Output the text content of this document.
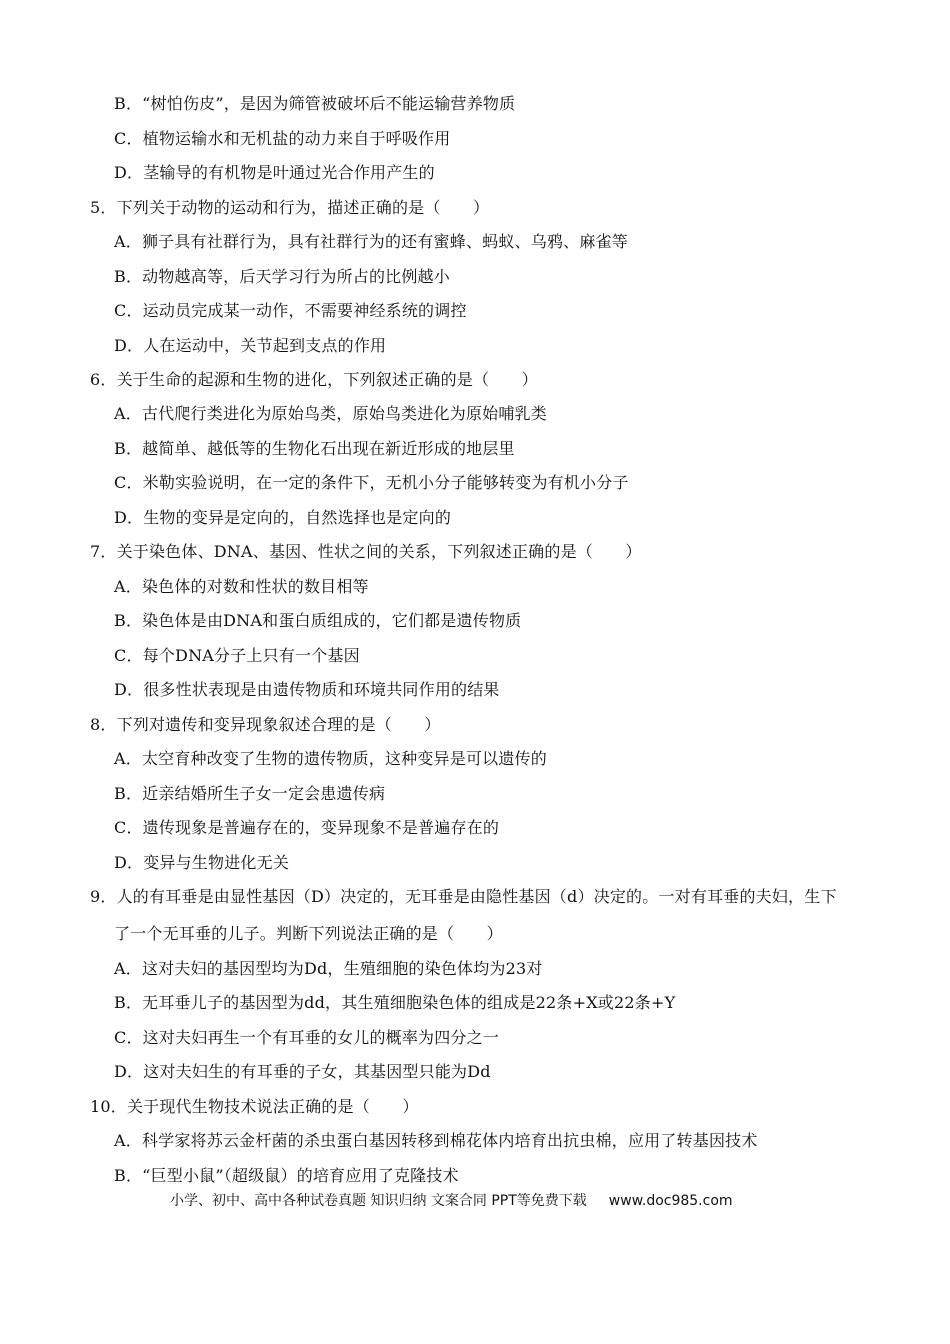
B．“树怕伤皮”，是因为筛管被破坏后不能运输营养物质
C．植物运输水和无机盐的动力来自于呼吸作用
D．茎输导的有机物是叶通过光合作用产生的
5．下列关于动物的运动和行为，描述正确的是（　　）
A．狮子具有社群行为，具有社群行为的还有蜜蜂、蚂蚁、乌鸦、麻雀等
B．动物越高等，后天学习行为所占的比例越小
C．运动员完成某一动作，不需要神经系统的调控
D．人在运动中，关节起到支点的作用
6．关于生命的起源和生物的进化，下列叙述正确的是（　　）
A．古代爬行类进化为原始鸟类，原始鸟类进化为原始哺乳类
B．越简单、越低等的生物化石出现在新近形成的地层里
C．米勒实验说明，在一定的条件下，无机小分子能够转变为有机小分子
D．生物的变异是定向的，自然选择也是定向的
7．关于染色体、DNA、基因、性状之间的关系，下列叙述正确的是（　　）
A．染色体的对数和性状的数目相等
B．染色体是由DNA和蛋白质组成的，它们都是遗传物质
C．每个DNA分子上只有一个基因
D．很多性状表现是由遗传物质和环境共同作用的结果
8．下列对遗传和变异现象叙述合理的是（　　）
A．太空育种改变了生物的遗传物质，这种变异是可以遗传的
B．近亲结婚所生子女一定会患遗传病
C．遗传现象是普遍存在的，变异现象不是普遍存在的
D．变异与生物进化无关
9．人的有耳垂是由显性基因（D）决定的，无耳垂是由隐性基因（d）决定的。一对有耳垂的夫妇，生下
了一个无耳垂的儿子。判断下列说法正确的是（　　）
A．这对夫妇的基因型均为Dd，生殖细胞的染色体均为23对
B．无耳垂儿子的基因型为dd，其生殖细胞染色体的组成是22条+X或22条+Y
C．这对夫妇再生一个有耳垂的女儿的概率为四分之一
D．这对夫妇生的有耳垂的子女，其基因型只能为Dd
10．关于现代生物技术说法正确的是（　　）
A．科学家将苏云金杆菌的杀虫蛋白基因转移到棉花体内培育出抗虫棉，应用了转基因技术
B．“巨型小鼠”（超级鼠）的培育应用了克隆技术
小学、初中、高中各种试卷真题 知识归纳 文案合同 PPT等免费下载 www.doc985.com
